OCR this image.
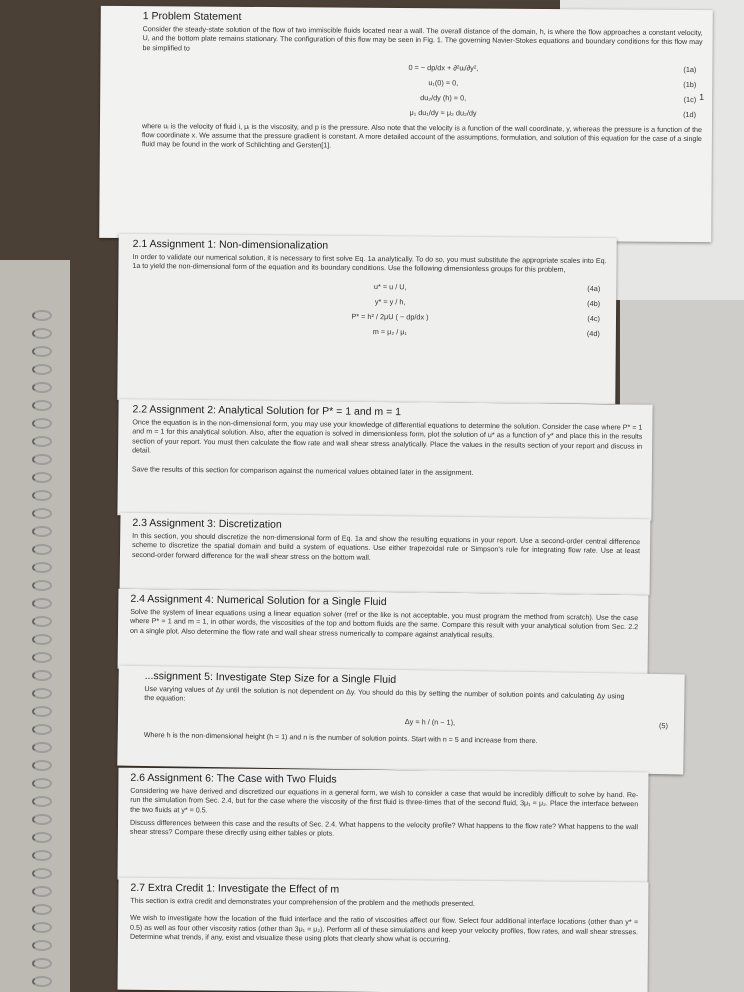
1

1 Problem Statement

Consider the steady-state solution of the flow of two immiscible fluids located near a wall. The overall distance of the domain, h, is where the flow approaches a constant velocity, U, and the bottom plate remains stationary. The configuration of this flow may be seen in Fig. 1. The governing Navier-Stokes equations and boundary conditions for this flow may be simplified to

0 = − dp/dx + ∂²uᵢ/∂y²,	(1a)
u₁(0) = 0,	(1b)
du₂/dy (h) = 0,	(1c)
μ₁ du₁/dy = μ₂ du₂/dy	(1d)

where uᵢ is the velocity of fluid i, μᵢ is the viscosity, and p is the pressure. Also note that the velocity is a function of the wall coordinate, y, whereas the pressure is a function of the flow coordinate x. We assume that the pressure gradient is constant. A more detailed account of the assumptions, formulation, and solution of this equation for the case of a single fluid may be found in the work of Schlichting and Gersten[1].

2.1 Assignment 1: Non-dimensionalization

In order to validate our numerical solution, it is necessary to first solve Eq. 1a analytically. To do so, you must substitute the appropriate scales into Eq. 1a to yield the non-dimensional form of the equation and its boundary conditions. Use the following dimensionless groups for this problem,

u* = u / U,	(4a)
y* = y / h,	(4b)
P* = h² / 2μU ( − dp/dx )	(4c)
m = μ₂ / μ₁	(4d)

2.2 Assignment 2: Analytical Solution for P* = 1 and m = 1

Once the equation is in the non-dimensional form, you may use your knowledge of differential equations to determine the solution. Consider the case where P* = 1 and m = 1 for this analytical solution. Also, after the equation is solved in dimensionless form, plot the solution of u* as a function of y* and place this in the results section of your report. You must then calculate the flow rate and wall shear stress analytically. Place the values in the results section of your report and discuss in detail.

Save the results of this section for comparison against the numerical values obtained later in the assignment.

2.3 Assignment 3: Discretization

In this section, you should discretize the non-dimensional form of Eq. 1a and show the resulting equations in your report. Use a second-order central difference scheme to discretize the spatial domain and build a system of equations. Use either trapezoidal rule or Simpson's rule for integrating flow rate. Use at least second-order forward difference for the wall shear stress on the bottom wall.

2.4 Assignment 4: Numerical Solution for a Single Fluid

Solve the system of linear equations using a linear equation solver (rref or the like is not acceptable, you must program the method from scratch). Use the case where P* = 1 and m = 1, in other words, the viscosities of the top and bottom fluids are the same. Compare this result with your analytical solution from Sec. 2.2 on a single plot. Also determine the flow rate and wall shear stress numerically to compare against analytical results.

...ssignment 5: Investigate Step Size for a Single Fluid

Use varying values of Δy until the solution is not dependent on Δy. You should do this by setting the number of solution points and calculating Δy using the equation:

Δy = h / (n − 1),	(5)

Where h is the non-dimensional height (h = 1) and n is the number of solution points. Start with n = 5 and increase from there.

2.6 Assignment 6: The Case with Two Fluids

Considering we have derived and discretized our equations in a general form, we wish to consider a case that would be incredibly difficult to solve by hand. Re-run the simulation from Sec. 2.4, but for the case where the viscosity of the first fluid is three-times that of the second fluid, 3μ₁ = μ₂. Place the interface between the two fluids at y* = 0.5.

Discuss differences between this case and the results of Sec. 2.4. What happens to the velocity profile? What happens to the flow rate? What happens to the wall shear stress? Compare these directly using either tables or plots.

2.7 Extra Credit 1: Investigate the Effect of m

This section is extra credit and demonstrates your comprehension of the problem and the methods presented.

We wish to investigate how the location of the fluid interface and the ratio of viscosities affect our flow. Select four additional interface locations (other than y* = 0.5) as well as four other viscosity ratios (other than 3μ₁ = μ₂). Perform all of these simulations and keep your velocity profiles, flow rates, and wall shear stresses. Determine what trends, if any, exist and visualize these using plots that clearly show what is occurring.
